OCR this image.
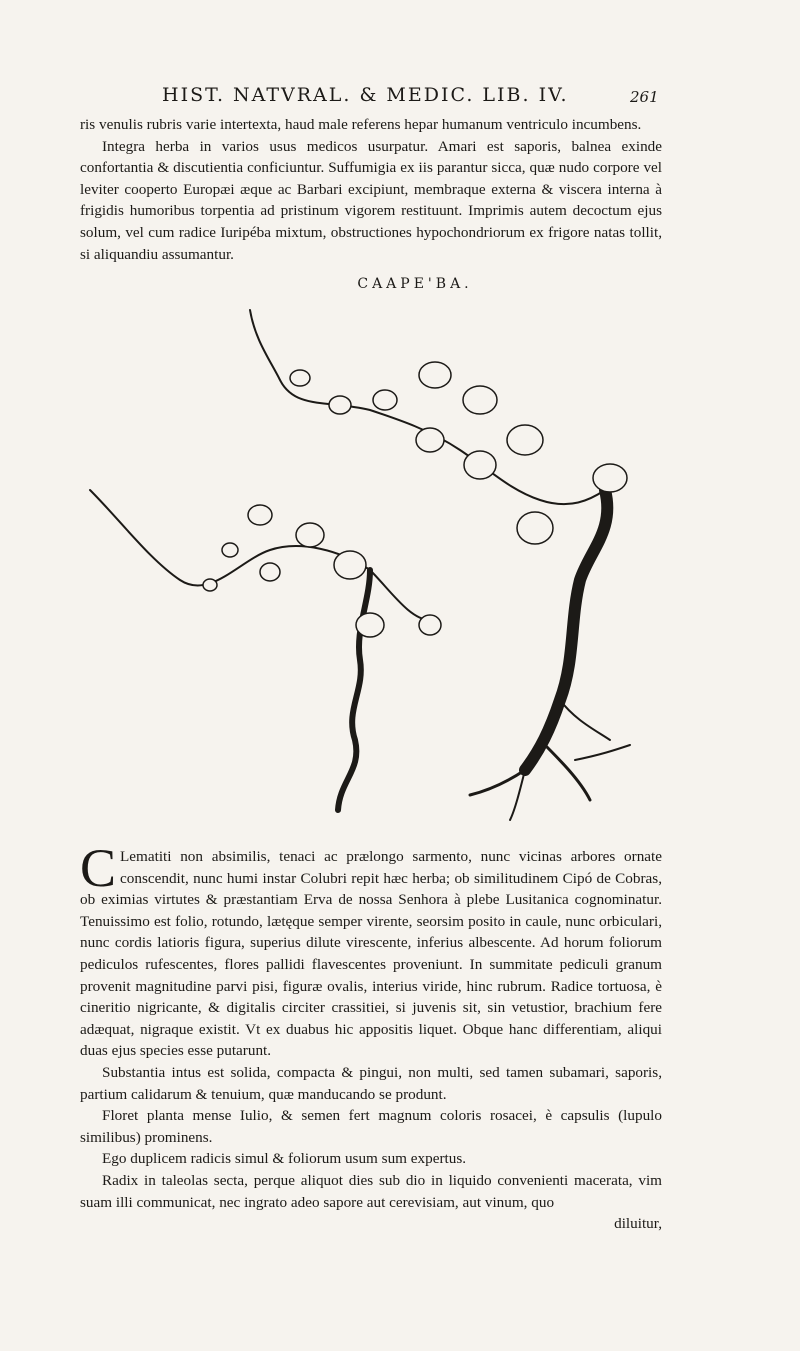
HIST. NATVRAL. & MEDIC. LIB. IV.	261

ris venulis rubris varie intertexta, haud male referens hepar humanum ventriculo incumbens.

Integra herba in varios usus medicos usurpatur. Amari est saporis, balnea exinde confortantia & discutientia conficiuntur. Suffumigia ex iis parantur sicca, quæ nudo corpore vel leviter cooperto Europæi æque ac Barbari excipiunt, membraque externa & viscera interna à frigidis humoribus torpentia ad pristinum vigorem restituunt. Imprimis autem decoctum ejus solum, vel cum radice Iuripéba mixtum, obstructiones hypochondriorum ex frigore natas tollit, si aliquandiu assumantur.

CAAPE'BA.

C Lematiti non absimilis, tenaci ac prælongo sarmento, nunc vicinas arbores ornate conscendit, nunc humi instar Colubri repit hæc herba; ob similitudinem Cipó de Cobras, ob eximias virtutes & præstantiam Erva de nossa Senhora à plebe Lusitanica cognominatur. Tenuissimo est folio, rotundo, lætęque semper virente, seorsim posito in caule, nunc orbiculari, nunc cordis latioris figura, superius dilute virescente, inferius albescente. Ad horum foliorum pediculos rufescentes, flores pallidi flavescentes proveniunt. In summitate pediculi granum provenit magnitudine parvi pisi, figuræ ovalis, interius viride, hinc rubrum. Radice tortuosa, è cineritio nigricante, & digitalis circiter crassitiei, si juvenis sit, sin vetustior, brachium fere adæquat, nigraque existit. Vt ex duabus hic appositis liquet. Obque hanc differentiam, aliqui duas ejus species esse putarunt.

Substantia intus est solida, compacta & pingui, non multi, sed tamen subamari, saporis, partium calidarum & tenuium, quæ manducando se produnt.

Floret planta mense Iulio, & semen fert magnum coloris rosacei, è capsulis (lupulo similibus) prominens.

Ego duplicem radicis simul & foliorum usum sum expertus.

Radix in taleolas secta, perque aliquot dies sub dio in liquido convenienti macerata, vim suam illi communicat, nec ingrato adeo sapore aut cerevisiam, aut vinum, quo

diluitur,
